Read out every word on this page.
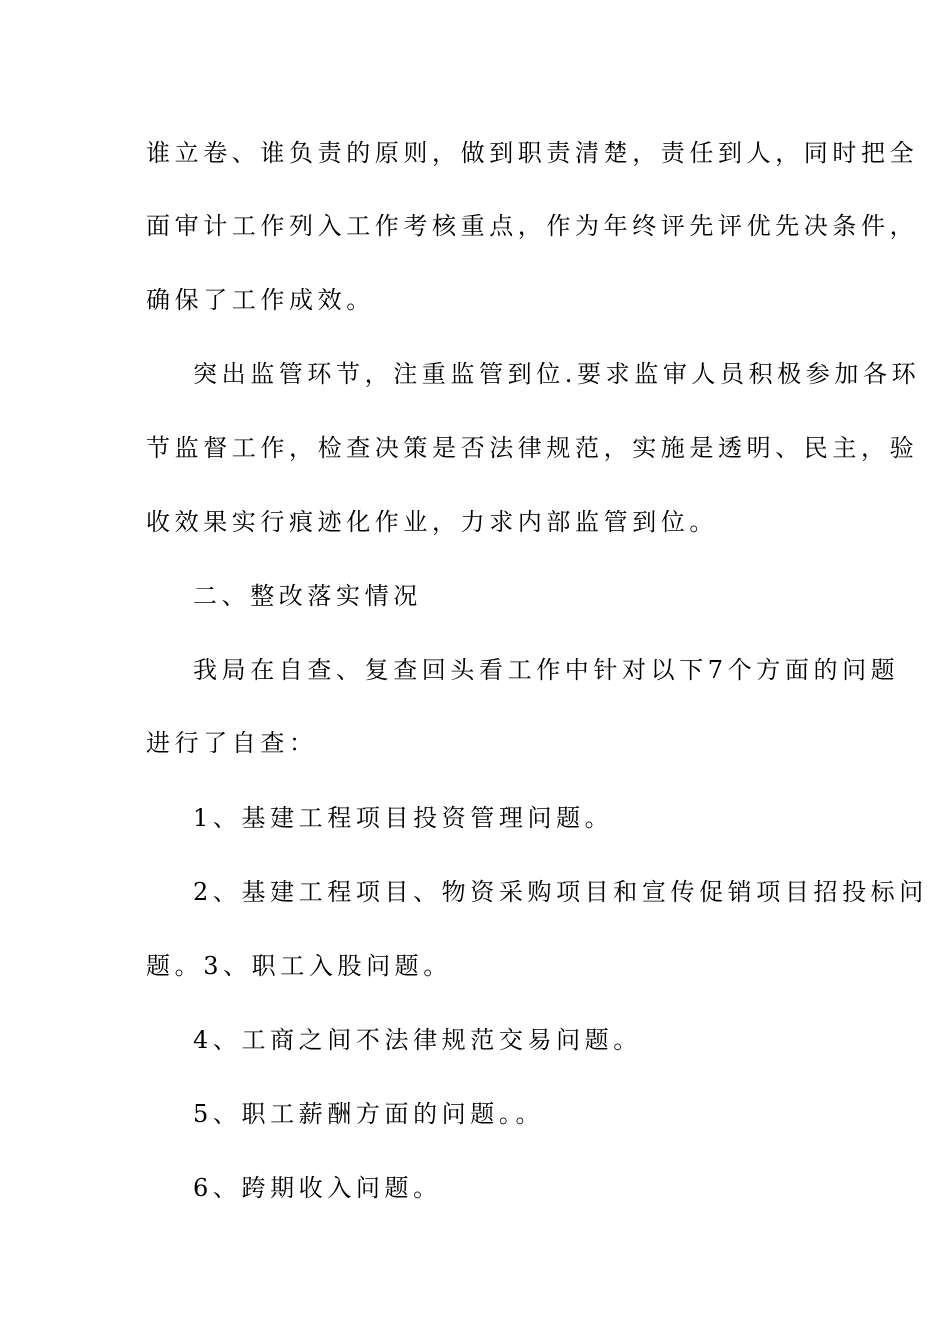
谁立卷、谁负责的原则，做到职责清楚，责任到人，同时把全
面审计工作列入工作考核重点，作为年终评先评优先决条件，
确保了工作成效。
突出监管环节，注重监管到位.要求监审人员积极参加各环
节监督工作，检查决策是否法律规范，实施是透明、民主，验
收效果实行痕迹化作业，力求内部监管到位。
二、整改落实情况
我局在自查、复查回头看工作中针对以下7个方面的问题
进行了自查：
1、基建工程项目投资管理问题。
2、基建工程项目、物资采购项目和宣传促销项目招投标问
题。3、职工入股问题。
4、工商之间不法律规范交易问题。
5、职工薪酬方面的问题。。
6、跨期收入问题。
